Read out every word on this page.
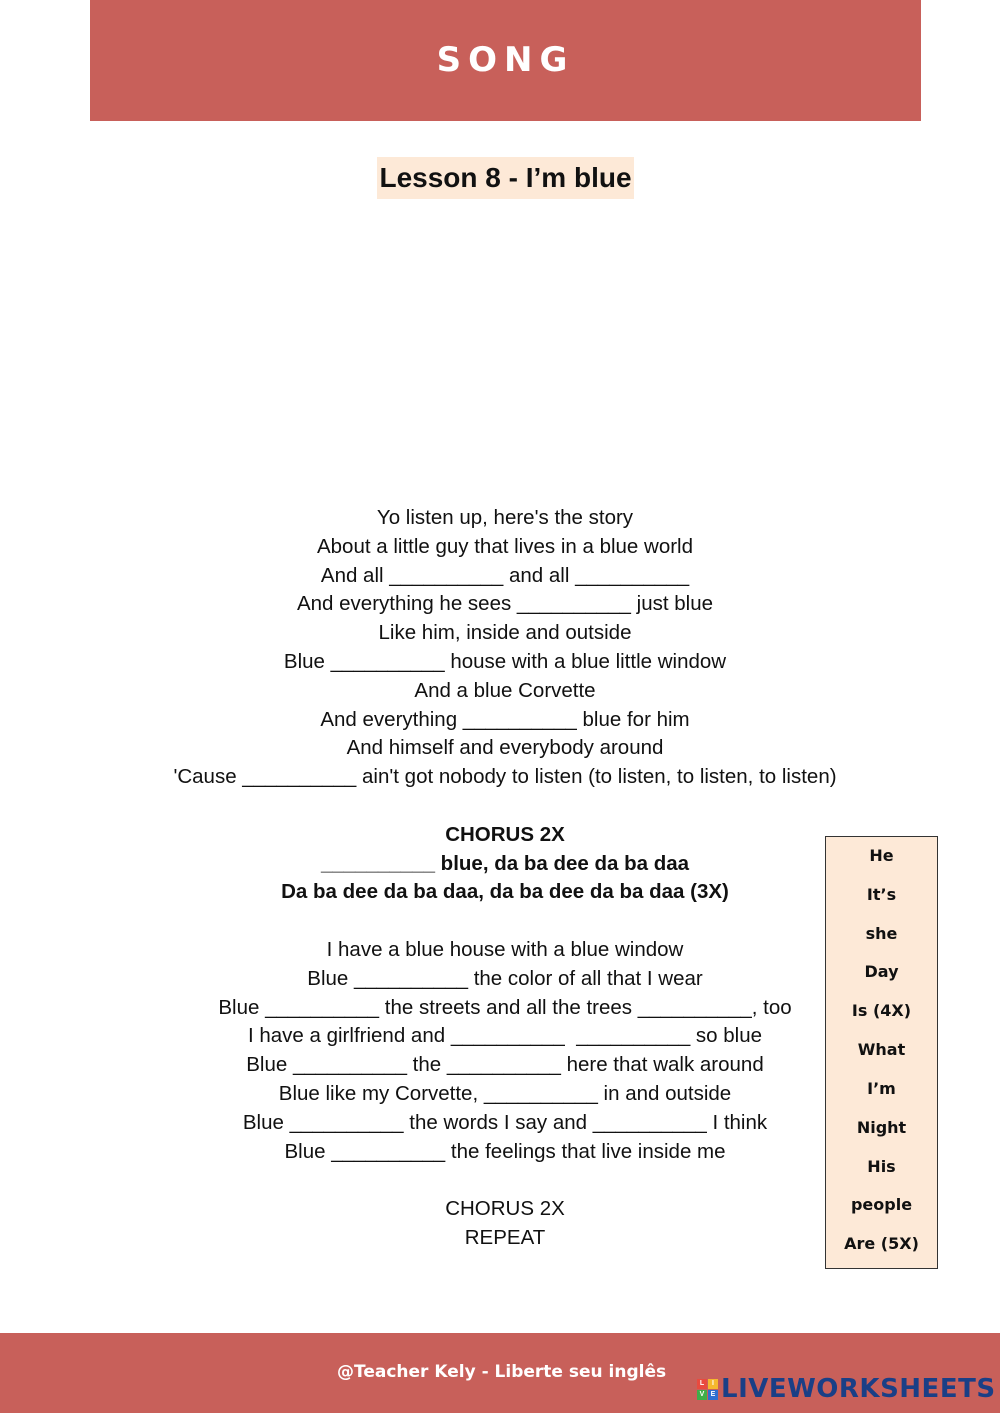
SONG
Lesson 8 - I’m blue
Yo listen up, here's the story
About a little guy that lives in a blue world
And all __________ and all __________
And everything he sees __________ just blue
Like him, inside and outside
Blue __________ house with a blue little window
And a blue Corvette
And everything __________ blue for him
And himself and everybody around
'Cause __________ ain't got nobody to listen (to listen, to listen, to listen)
CHORUS 2X
__________ blue, da ba dee da ba daa
Da ba dee da ba daa, da ba dee da ba daa (3X)
I have a blue house with a blue window
Blue __________ the color of all that I wear
Blue __________ the streets and all the trees __________, too
I have a girlfriend and __________  __________ so blue
Blue __________ the __________ here that walk around
Blue like my Corvette, __________ in and outside
Blue __________ the words I say and __________ I think
Blue __________ the feelings that live inside me
CHORUS 2X
REPEAT
He
It’s
she
Day
Is (4X)
What
I’m
Night
His
people
Are (5X)
@Teacher Kely - Liberte seu inglês
L	I
V E LIVEWORKSHEETS
